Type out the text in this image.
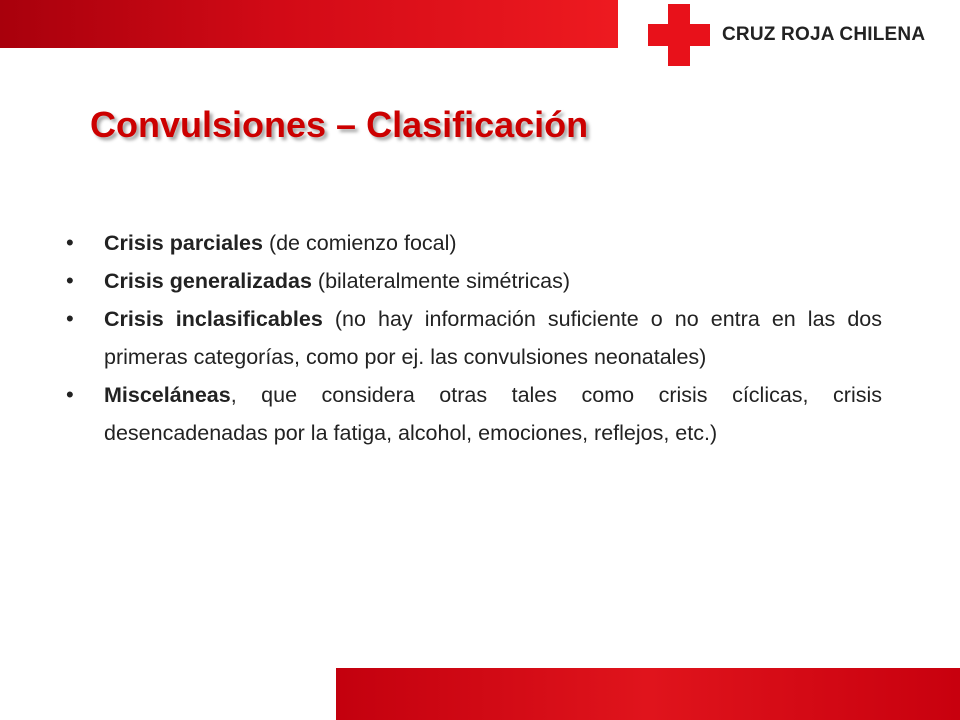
CRUZ ROJA CHILENA
Convulsiones – Clasificación
• Crisis parciales (de comienzo focal)
• Crisis generalizadas (bilateralmente simétricas)
• Crisis inclasificables (no hay información suficiente o no entra en las dos primeras categorías, como por ej. las convulsiones neonatales)
• Misceláneas, que considera otras tales como crisis cíclicas, crisis desencadenadas por la fatiga, alcohol, emociones, reflejos, etc.)
